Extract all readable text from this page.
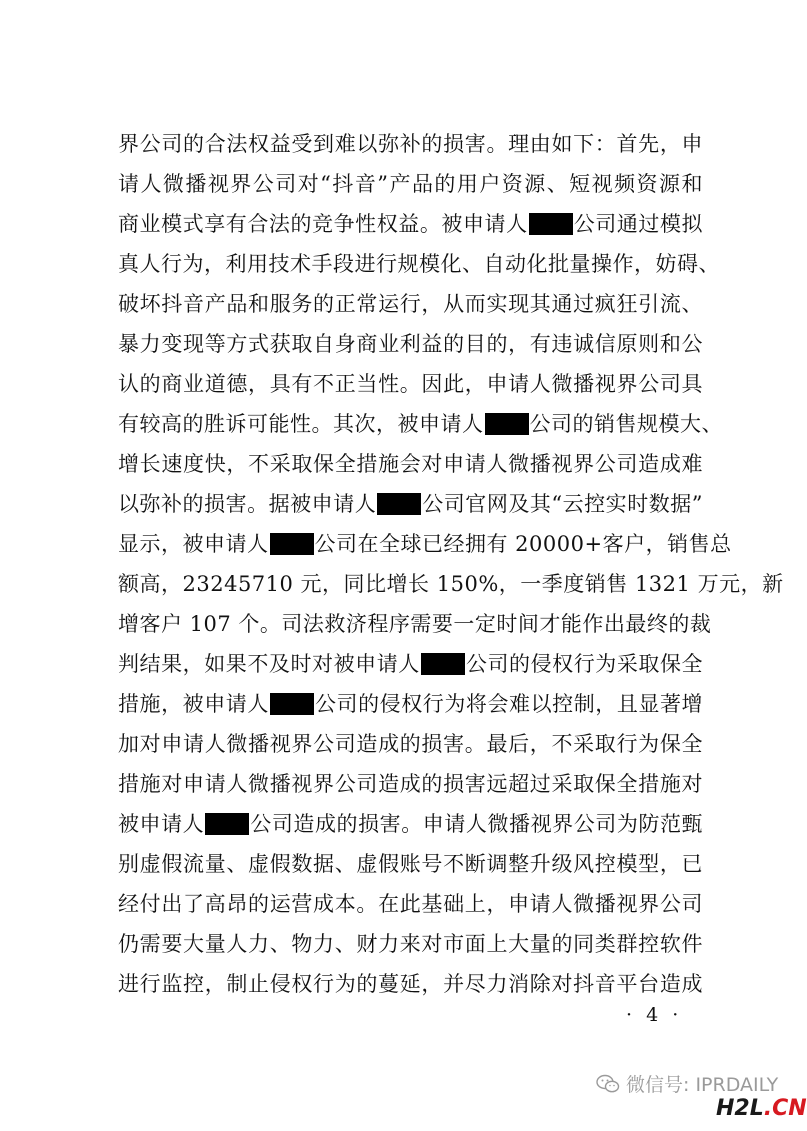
界公司的合法权益受到难以弥补的损害。理由如下：首先，申
请人微播视界公司对“抖音”产品的用户资源、短视频资源和
商业模式享有合法的竞争性权益。被申请人 公司通过模拟
真人行为，利用技术手段进行规模化、自动化批量操作，妨碍、
破坏抖音产品和服务的正常运行，从而实现其通过疯狂引流、
暴力变现等方式获取自身商业利益的目的，有违诚信原则和公
认的商业道德，具有不正当性。因此，申请人微播视界公司具
有较高的胜诉可能性。其次，被申请人 公司的销售规模大、
增长速度快，不采取保全措施会对申请人微播视界公司造成难
以弥补的损害。据被申请人 公司官网及其“云控实时数据”
显示，被申请人 公司在全球已经拥有 20000+客户，销售总
额高，23245710 元，同比增长 150%，一季度销售 1321 万元，新
增客户 107 个。司法救济程序需要一定时间才能作出最终的裁
判结果，如果不及时对被申请人 公司的侵权行为采取保全
措施，被申请人 公司的侵权行为将会难以控制，且显著增
加对申请人微播视界公司造成的损害。最后，不采取行为保全
措施对申请人微播视界公司造成的损害远超过采取保全措施对
被申请人 公司造成的损害。申请人微播视界公司为防范甄
别虚假流量、虚假数据、虚假账号不断调整升级风控模型，已
经付出了高昂的运营成本。在此基础上，申请人微播视界公司
仍需要大量人力、物力、财力来对市面上大量的同类群控软件
进行监控，制止侵权行为的蔓延，并尽力消除对抖音平台造成
· 4 ·
微信号: IPRDAILY
H2L.CN
